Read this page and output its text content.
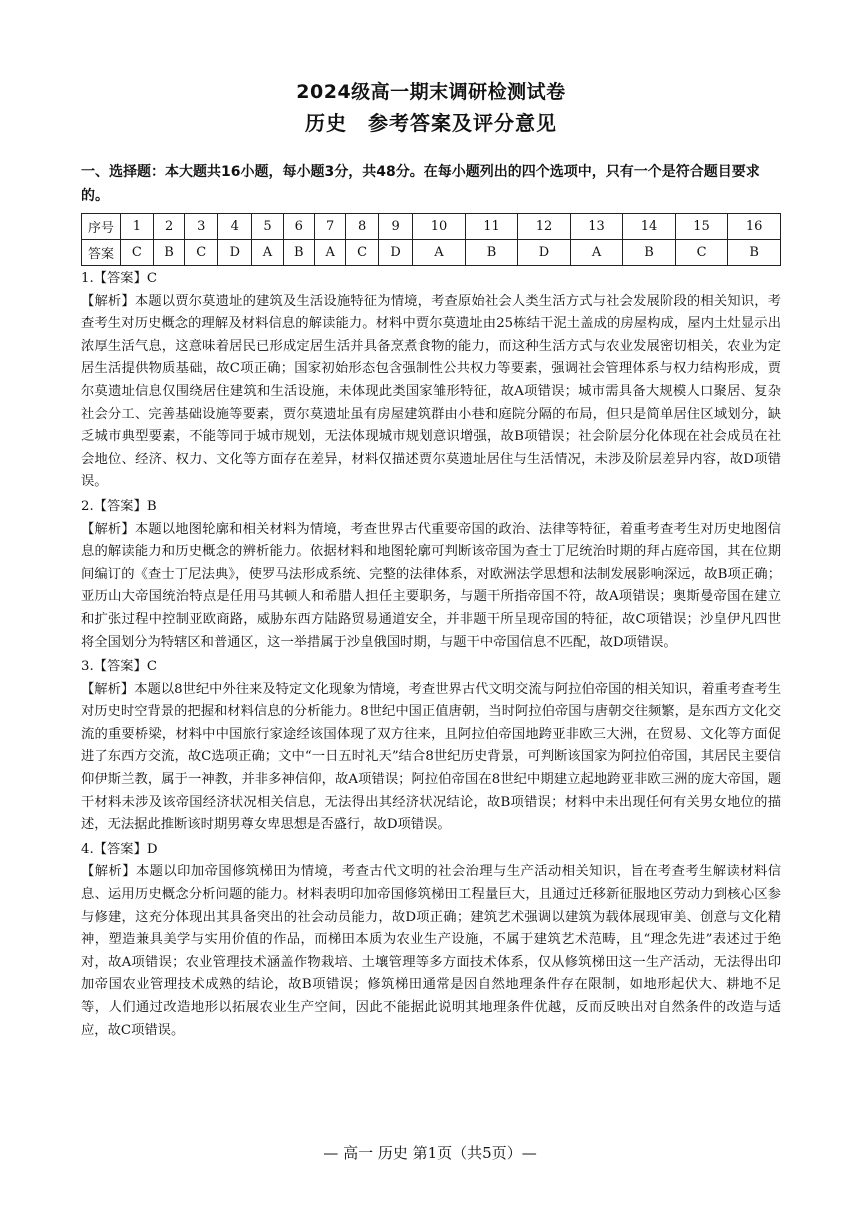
2024级高一期末调研检测试卷
历史　参考答案及评分意见
一、选择题：本大题共16小题，每小题3分，共48分。在每小题列出的四个选项中，只有一个是符合题目要求的。
序号	1	2	3	4	5	6	7	8	9	10	11	12	13	14	15	16
答案	C	B	C	D	A	B	A	C	D	A	B	D	A	B	C	B
1.【答案】C

【解析】本题以贾尔莫遗址的建筑及生活设施特征为情境，考查原始社会人类生活方式与社会发展阶段的相关知识，考查考生对历史概念的理解及材料信息的解读能力。材料中贾尔莫遗址由25栋结干泥土盖成的房屋构成，屋内土灶显示出浓厚生活气息，这意味着居民已形成定居生活并具备烹煮食物的能力，而这种生活方式与农业发展密切相关，农业为定居生活提供物质基础，故C项正确；国家初始形态包含强制性公共权力等要素，强调社会管理体系与权力结构形成，贾尔莫遗址信息仅围绕居住建筑和生活设施，未体现此类国家雏形特征，故A项错误；城市需具备大规模人口聚居、复杂社会分工、完善基础设施等要素，贾尔莫遗址虽有房屋建筑群由小巷和庭院分隔的布局，但只是简单居住区域划分，缺乏城市典型要素，不能等同于城市规划，无法体现城市规划意识增强，故B项错误；社会阶层分化体现在社会成员在社会地位、经济、权力、文化等方面存在差异，材料仅描述贾尔莫遗址居住与生活情况，未涉及阶层差异内容，故D项错误。

2.【答案】B

【解析】本题以地图轮廓和相关材料为情境，考查世界古代重要帝国的政治、法律等特征，着重考查考生对历史地图信息的解读能力和历史概念的辨析能力。依据材料和地图轮廓可判断该帝国为查士丁尼统治时期的拜占庭帝国，其在位期间编订的《查士丁尼法典》，使罗马法形成系统、完整的法律体系，对欧洲法学思想和法制发展影响深远，故B项正确；亚历山大帝国统治特点是任用马其顿人和希腊人担任主要职务，与题干所指帝国不符，故A项错误；奥斯曼帝国在建立和扩张过程中控制亚欧商路，威胁东西方陆路贸易通道安全，并非题干所呈现帝国的特征，故C项错误；沙皇伊凡四世将全国划分为特辖区和普通区，这一举措属于沙皇俄国时期，与题干中帝国信息不匹配，故D项错误。

3.【答案】C

【解析】本题以8世纪中外往来及特定文化现象为情境，考查世界古代文明交流与阿拉伯帝国的相关知识，着重考查考生对历史时空背景的把握和材料信息的分析能力。8世纪中国正值唐朝，当时阿拉伯帝国与唐朝交往频繁，是东西方文化交流的重要桥梁，材料中中国旅行家途经该国体现了双方往来，且阿拉伯帝国地跨亚非欧三大洲，在贸易、文化等方面促进了东西方交流，故C选项正确；文中“一日五时礼天”结合8世纪历史背景，可判断该国家为阿拉伯帝国，其居民主要信仰伊斯兰教，属于一神教，并非多神信仰，故A项错误；阿拉伯帝国在8世纪中期建立起地跨亚非欧三洲的庞大帝国，题干材料未涉及该帝国经济状况相关信息，无法得出其经济状况结论，故B项错误；材料中未出现任何有关男女地位的描述，无法据此推断该时期男尊女卑思想是否盛行，故D项错误。

4.【答案】D

【解析】本题以印加帝国修筑梯田为情境，考查古代文明的社会治理与生产活动相关知识，旨在考查考生解读材料信息、运用历史概念分析问题的能力。材料表明印加帝国修筑梯田工程量巨大，且通过迁移新征服地区劳动力到核心区参与修建，这充分体现出其具备突出的社会动员能力，故D项正确；建筑艺术强调以建筑为载体展现审美、创意与文化精神，塑造兼具美学与实用价值的作品，而梯田本质为农业生产设施，不属于建筑艺术范畴，且“理念先进”表述过于绝对，故A项错误；农业管理技术涵盖作物栽培、土壤管理等多方面技术体系，仅从修筑梯田这一生产活动，无法得出印加帝国农业管理技术成熟的结论，故B项错误；修筑梯田通常是因自然地理条件存在限制，如地形起伏大、耕地不足等，人们通过改造地形以拓展农业生产空间，因此不能据此说明其地理条件优越，反而反映出对自然条件的改造与适应，故C项错误。

— 高一 历史 第1页（共5页）—
